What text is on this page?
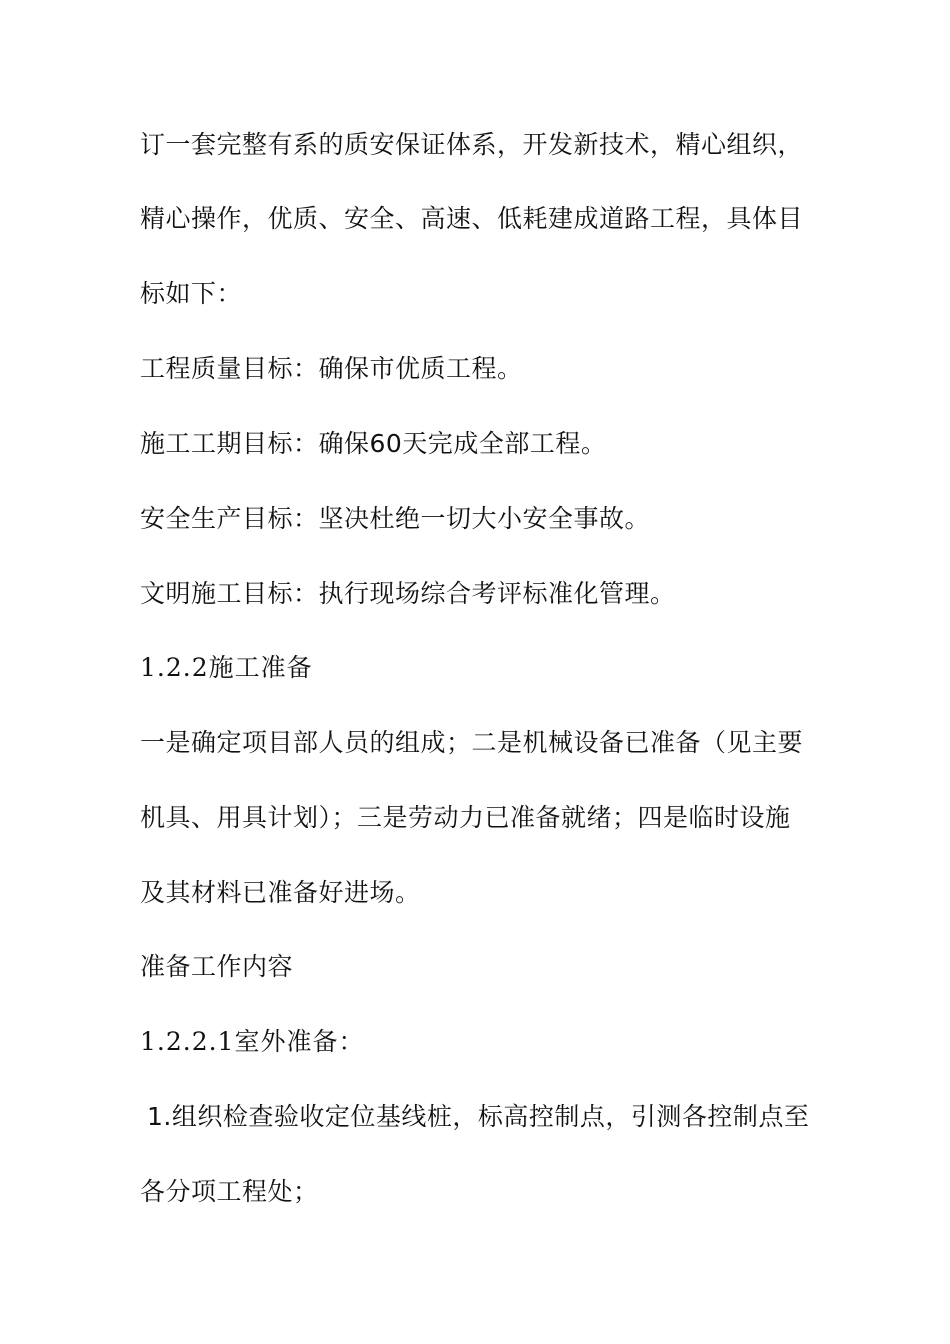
订一套完整有系的质安保证体系，开发新技术，精心组织，
精心操作，优质、安全、高速、低耗建成道路工程，具体目
标如下：
工程质量目标：确保市优质工程。
施工工期目标：确保60天完成全部工程。
安全生产目标：坚决杜绝一切大小安全事故。
文明施工目标：执行现场综合考评标准化管理。
1.2.2施工准备
一是确定项目部人员的组成；二是机械设备已准备（见主要
机具、用具计划）；三是劳动力已准备就绪；四是临时设施
及其材料已准备好进场。
准备工作内容
1.2.2.1室外准备：
1.组织检查验收定位基线桩，标高控制点，引测各控制点至
各分项工程处；
